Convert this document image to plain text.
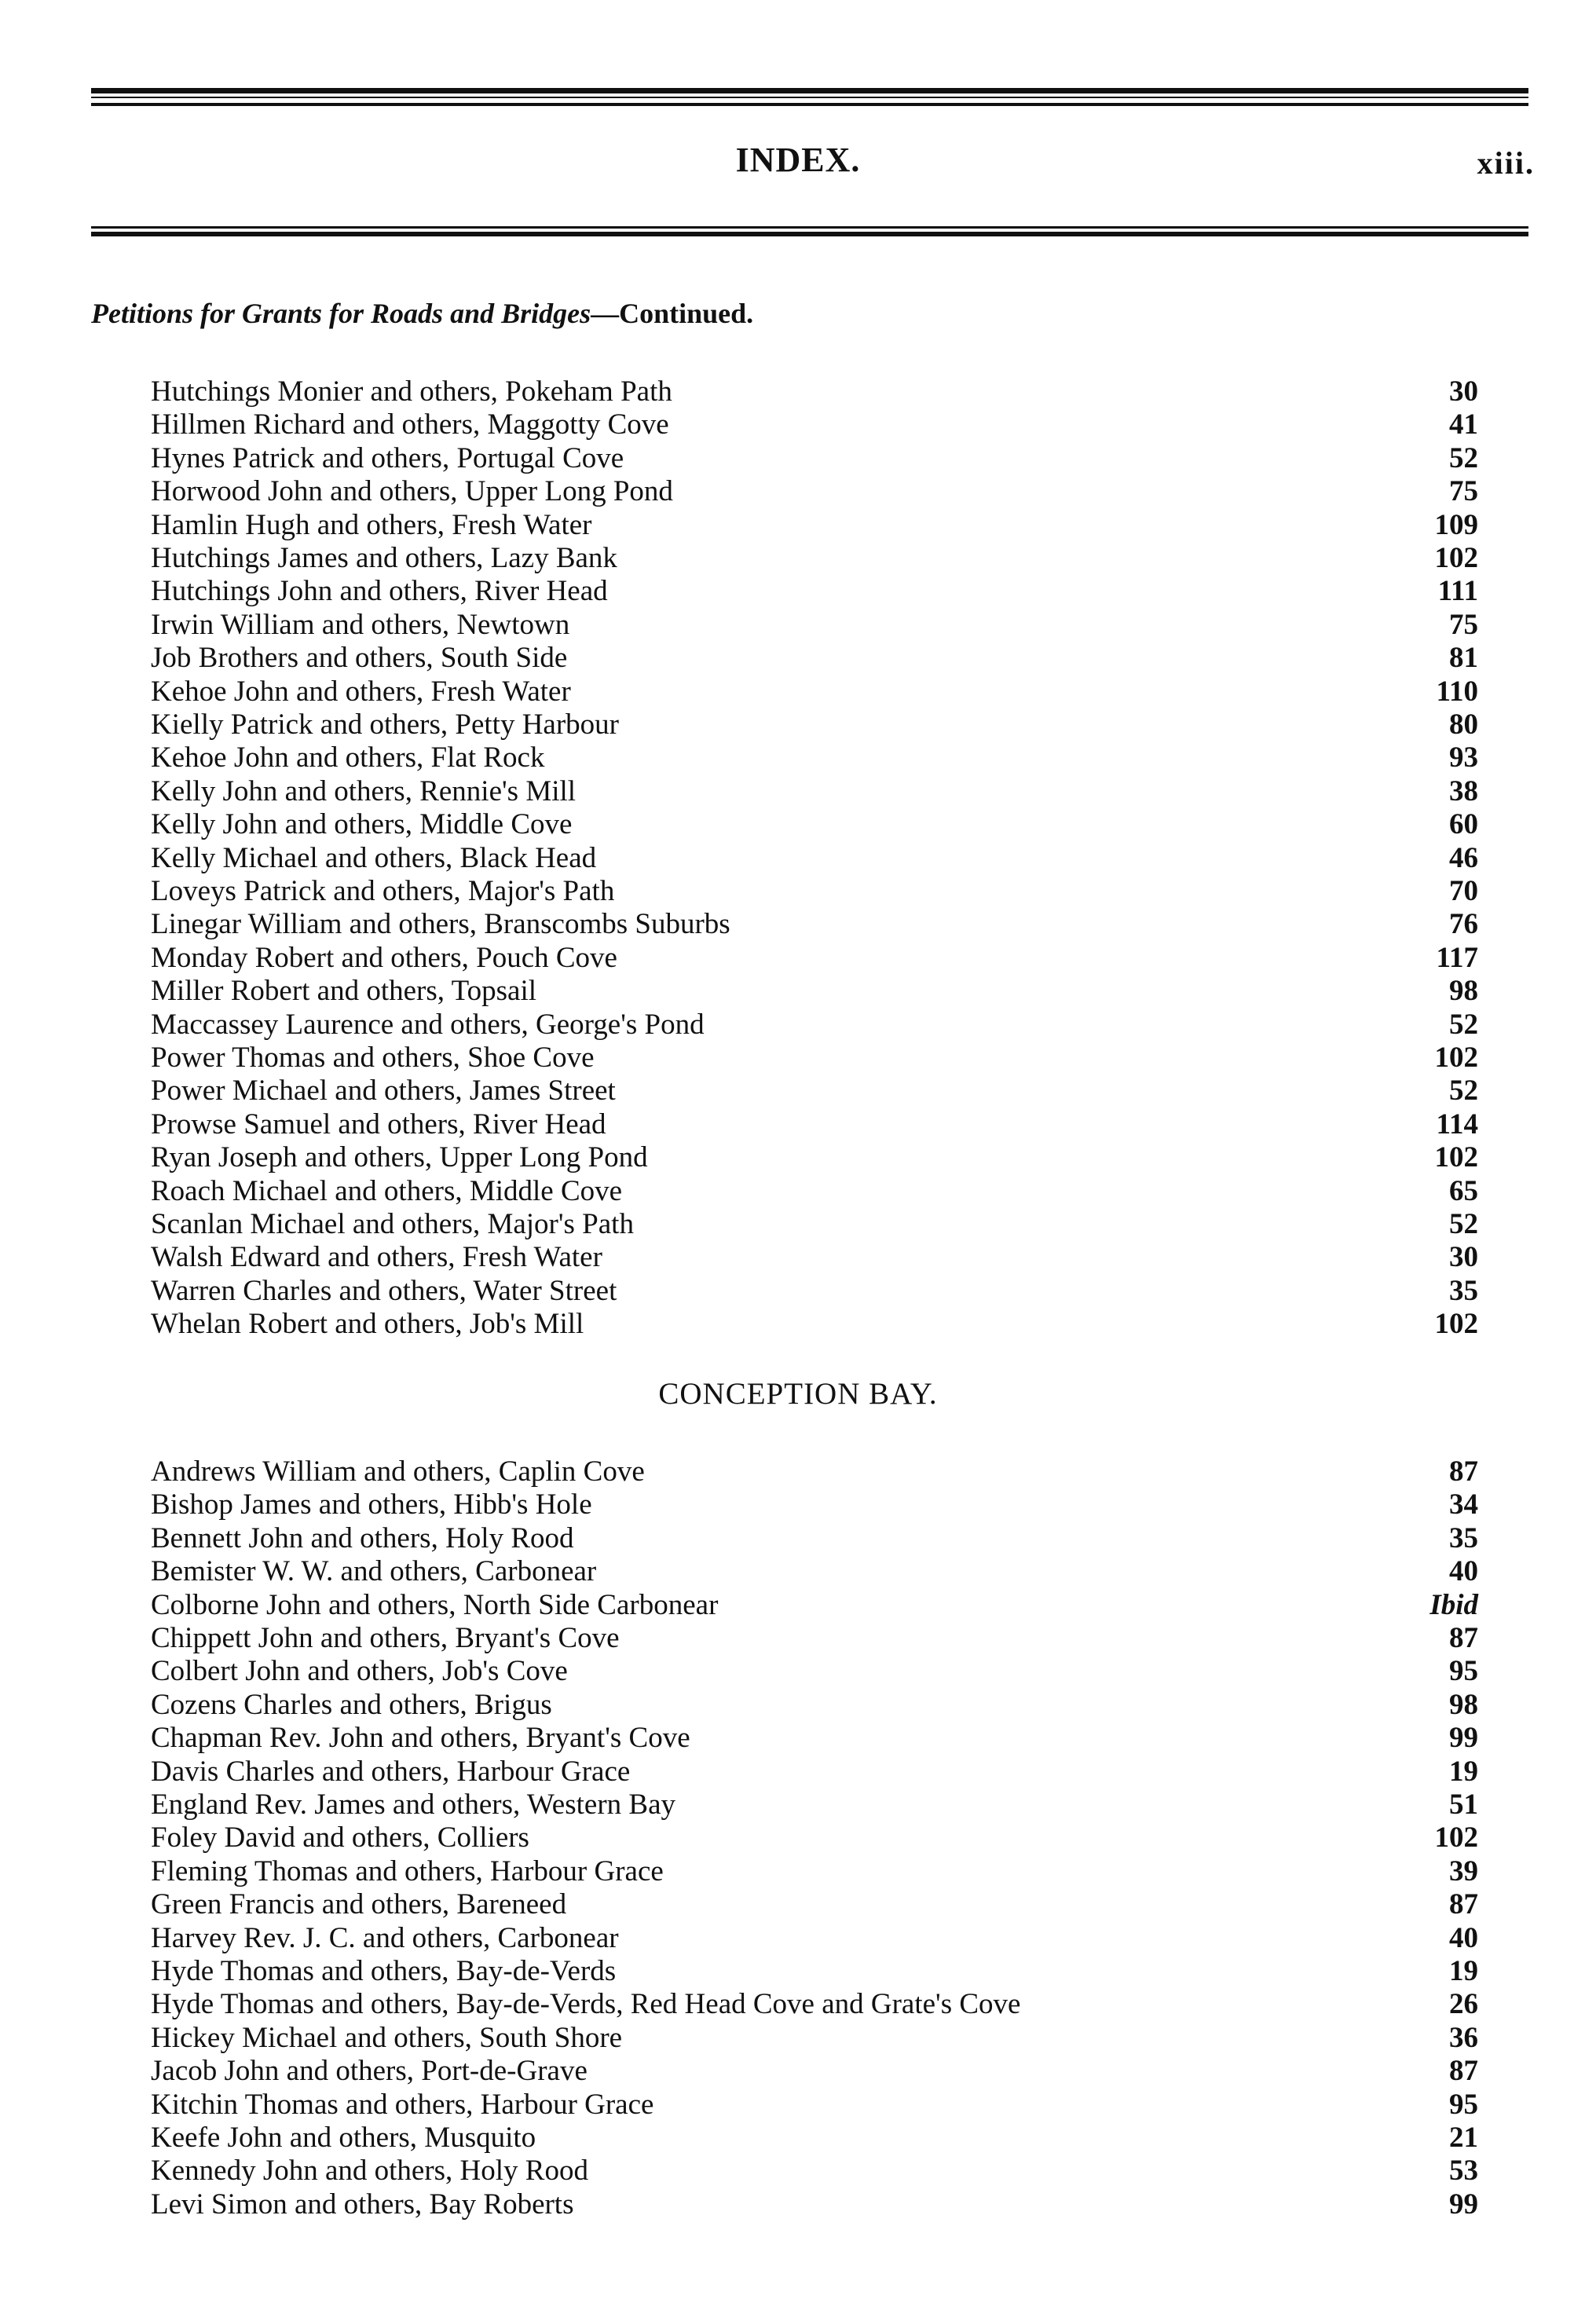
INDEX.	xiii.
Petitions for Grants for Roads and Bridges—Continued.
Hutchings Monier and others, Pokeham Path	30
Hillmen Richard and others, Maggotty Cove	41
Hynes Patrick and others, Portugal Cove	52
Horwood John and others, Upper Long Pond	75
Hamlin Hugh and others, Fresh Water	109
Hutchings James and others, Lazy Bank	102
Hutchings John and others, River Head	111
Irwin William and others, Newtown	75
Job Brothers and others, South Side	81
Kehoe John and others, Fresh Water	110
Kielly Patrick and others, Petty Harbour	80
Kehoe John and others, Flat Rock	93
Kelly John and others, Rennie's Mill	38
Kelly John and others, Middle Cove	60
Kelly Michael and others, Black Head	46
Loveys Patrick and others, Major's Path	70
Linegar William and others, Branscombs Suburbs	76
Monday Robert and others, Pouch Cove	117
Miller Robert and others, Topsail	98
Maccassey Laurence and others, George's Pond	52
Power Thomas and others, Shoe Cove	102
Power Michael and others, James Street	52
Prowse Samuel and others, River Head	114
Ryan Joseph and others, Upper Long Pond	102
Roach Michael and others, Middle Cove	65
Scanlan Michael and others, Major's Path	52
Walsh Edward and others, Fresh Water	30
Warren Charles and others, Water Street	35
Whelan Robert and others, Job's Mill	102
CONCEPTION BAY.
Andrews William and others, Caplin Cove	87
Bishop James and others, Hibb's Hole	34
Bennett John and others, Holy Rood	35
Bemister W. W. and others, Carbonear	40
Colborne John and others, North Side Carbonear	Ibid
Chippett John and others, Bryant's Cove	87
Colbert John and others, Job's Cove	95
Cozens Charles and others, Brigus	98
Chapman Rev. John and others, Bryant's Cove	99
Davis Charles and others, Harbour Grace	19
England Rev. James and others, Western Bay	51
Foley David and others, Colliers	102
Fleming Thomas and others, Harbour Grace	39
Green Francis and others, Bareneed	87
Harvey Rev. J. C. and others, Carbonear	40
Hyde Thomas and others, Bay-de-Verds	19
Hyde Thomas and others, Bay-de-Verds, Red Head Cove and Grate's Cove	26
Hickey Michael and others, South Shore	36
Jacob John and others, Port-de-Grave	87
Kitchin Thomas and others, Harbour Grace	95
Keefe John and others, Musquito	21
Kennedy John and others, Holy Rood	53
Levi Simon and others, Bay Roberts	99
